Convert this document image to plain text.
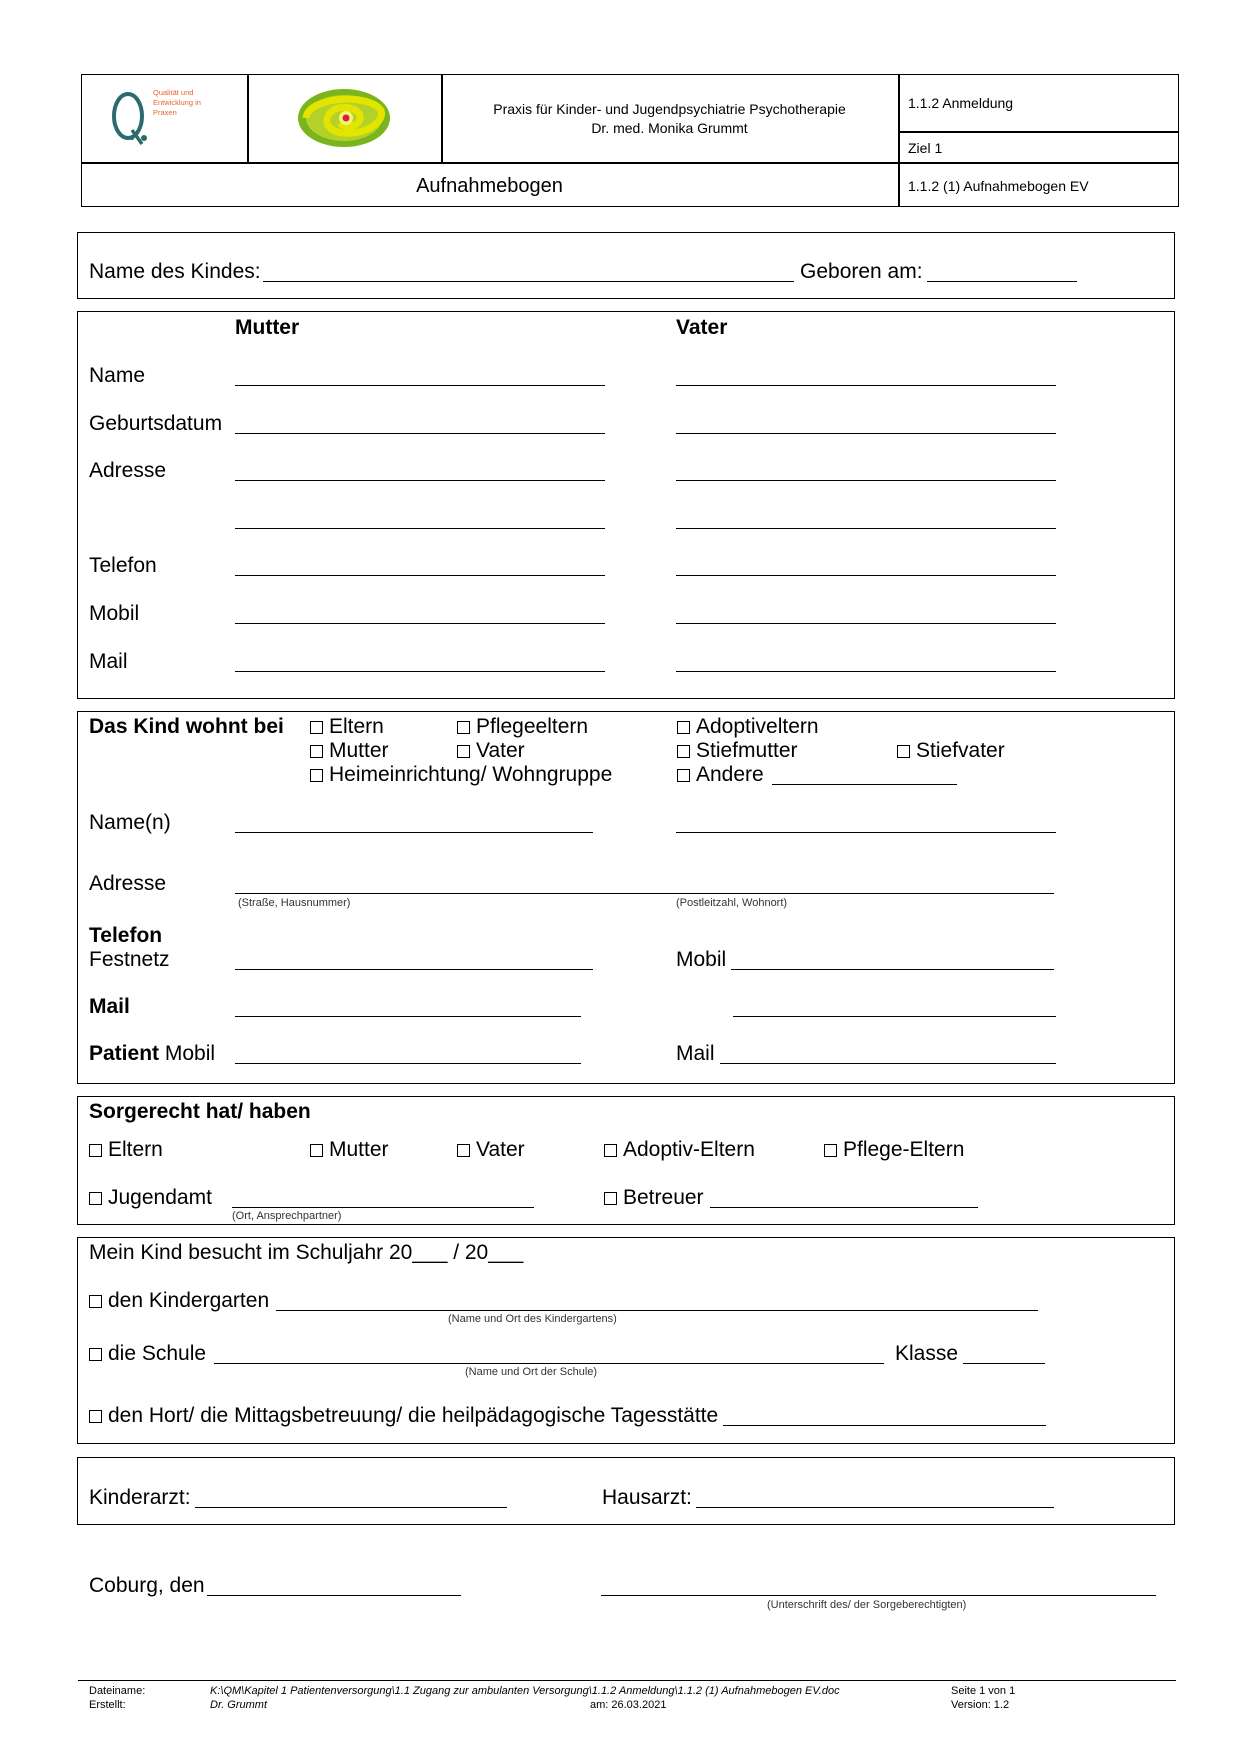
Qualität und Entwicklung in Praxen	Praxis für Kinder- und Jugendpsychiatrie Psychotherapie
Dr. med. Monika Grummt
1.1.2 Anmeldung
Ziel 1
Aufnahmebogen	1.1.2 (1) Aufnahmebogen EV
Name des Kindes:	Geboren am:
Mutter	Vater
Name
Geburtsdatum
Adresse
Telefon
Mobil
Mail
Das Kind wohnt bei	Eltern	Pflegeeltern	Adoptiveltern
Mutter	Vater	Stiefmutter	Stiefvater
Heimeinrichtung/ Wohngruppe	Andere
Name(n)
Adresse
(Straße, Hausnummer)	(Postleitzahl, Wohnort)
Telefon
Festnetz	Mobil
Mail
Patient Mobil	Mail
Sorgerecht hat/ haben
Eltern	Mutter	Vater	Adoptiv-Eltern	Pflege-Eltern
Jugendamt
(Ort, Ansprechpartner)
Betreuer
Mein Kind besucht im Schuljahr 20___ / 20___
den Kindergarten
(Name und Ort des Kindergartens)
die Schule
(Name und Ort der Schule)
Klasse
den Hort/ die Mittagsbetreuung/ die heilpädagogische Tagesstätte
Kinderarzt:	Hausarzt:
Coburg, den
(Unterschrift des/ der Sorgeberechtigten)
Dateiname:	K:\QM\Kapitel 1 Patientenversorgung\1.1 Zugang zur ambulanten Versorgung\1.1.2 Anmeldung\1.1.2 (1) Aufnahmebogen EV.doc	Seite 1 von 1
Erstellt:	Dr. Grummt	am: 26.03.2021	Version: 1.2
